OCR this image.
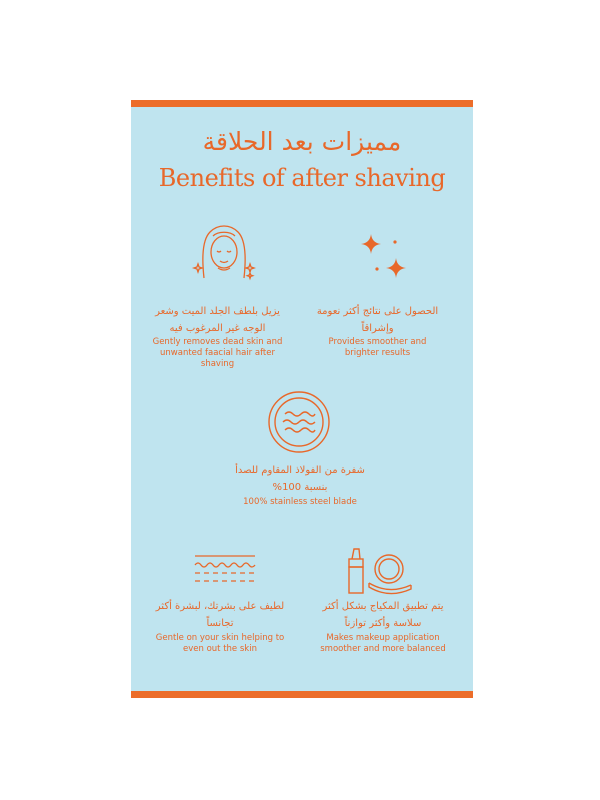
مميزات بعد الحلاقة
Benefits of after shaving
يزيل بلطف الجلد الميت وشعر الوجه غير المرغوب فيه
Gently removes dead skin and unwanted faacial hair after shaving
الحصول على نتائج أكثر نعومة وإشراقاً
Provides smoother and brighter results
شفرة من الفولاذ المقاوم للصدأ بنسبة 100%
100% stainless steel blade
لطيف على بشرتك، لبشرة أكثر تجانساً
Gentle on your skin helping to even out the skin
يتم تطبيق المكياج بشكل أكثر سلاسة وأكثر توازناً
Makes makeup application smoother and more balanced
